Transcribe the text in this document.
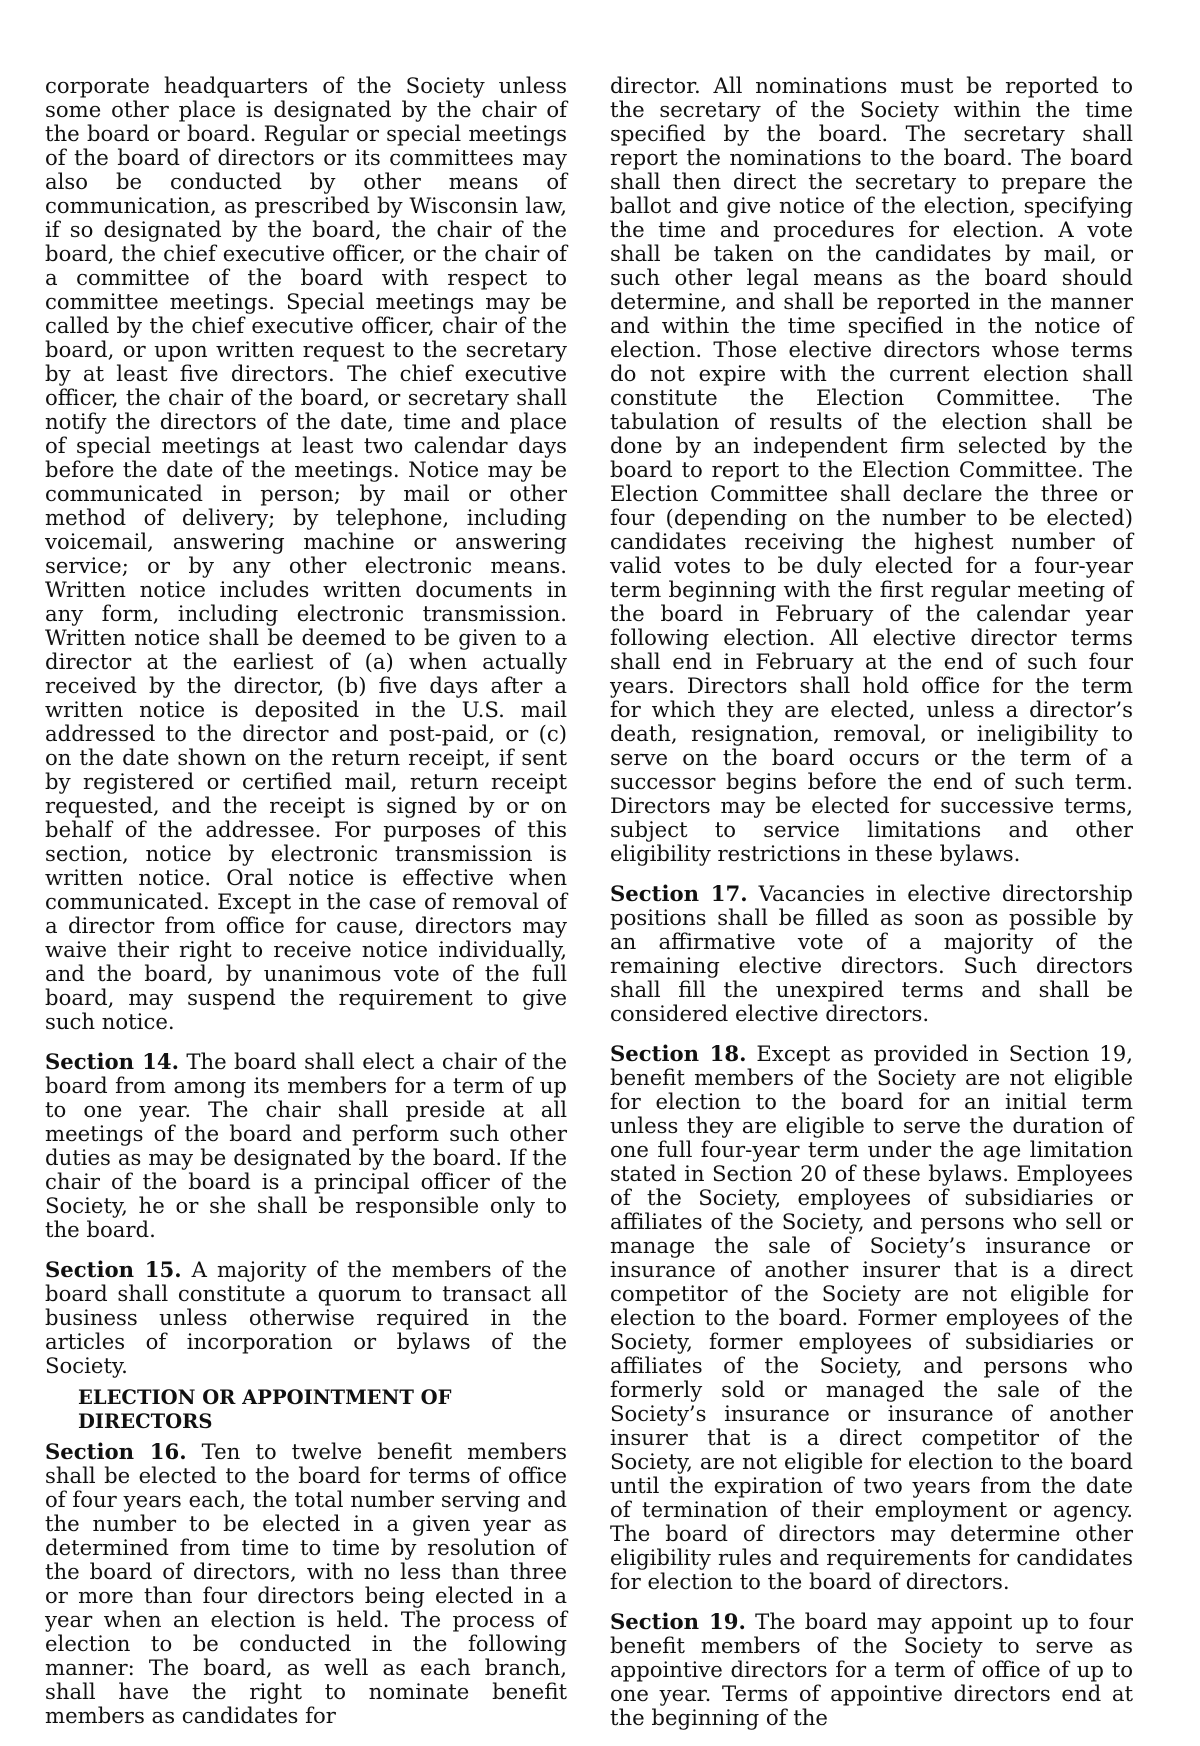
corporate headquarters of the Society unless some other place is designated by the chair of the board or board. Regular or special meetings of the board of directors or its committees may also be conducted by other means of communication, as prescribed by Wisconsin law, if so designated by the board, the chair of the board, the chief executive officer, or the chair of a committee of the board with respect to committee meetings. Special meetings may be called by the chief executive officer, chair of the board, or upon written request to the secretary by at least five directors. The chief executive officer, the chair of the board, or secretary shall notify the directors of the date, time and place of special meetings at least two calendar days before the date of the meetings. Notice may be communicated in person; by mail or other method of delivery; by telephone, including voicemail, answering machine or answering service; or by any other electronic means. Written notice includes written documents in any form, including electronic transmission. Written notice shall be deemed to be given to a director at the earliest of (a) when actually received by the director, (b) five days after a written notice is deposited in the U.S. mail addressed to the director and post-paid, or (c) on the date shown on the return receipt, if sent by registered or certified mail, return receipt requested, and the receipt is signed by or on behalf of the addressee. For purposes of this section, notice by electronic transmission is written notice. Oral notice is effective when communicated. Except in the case of removal of a director from office for cause, directors may waive their right to receive notice individually, and the board, by unanimous vote of the full board, may suspend the requirement to give such notice.

Section 14. The board shall elect a chair of the board from among its members for a term of up to one year. The chair shall preside at all meetings of the board and perform such other duties as may be designated by the board. If the chair of the board is a principal officer of the Society, he or she shall be responsible only to the board.

Section 15. A majority of the members of the board shall constitute a quorum to transact all business unless otherwise required in the articles of incorporation or bylaws of the Society.

ELECTION OR APPOINTMENT OF DIRECTORS

Section 16. Ten to twelve benefit members shall be elected to the board for terms of office of four years each, the total number serving and the number to be elected in a given year as determined from time to time by resolution of the board of directors, with no less than three or more than four directors being elected in a year when an election is held. The process of election to be conducted in the following manner: The board, as well as each branch, shall have the right to nominate benefit members as candidates for

director. All nominations must be reported to the secretary of the Society within the time specified by the board. The secretary shall report the nominations to the board. The board shall then direct the secretary to prepare the ballot and give notice of the election, specifying the time and procedures for election. A vote shall be taken on the candidates by mail, or such other legal means as the board should determine, and shall be reported in the manner and within the time specified in the notice of election. Those elective directors whose terms do not expire with the current election shall constitute the Election Committee. The tabulation of results of the election shall be done by an independent firm selected by the board to report to the Election Committee. The Election Committee shall declare the three or four (depending on the number to be elected) candidates receiving the highest number of valid votes to be duly elected for a four-year term beginning with the first regular meeting of the board in February of the calendar year following election. All elective director terms shall end in February at the end of such four years. Directors shall hold office for the term for which they are elected, unless a director’s death, resignation, removal, or ineligibility to serve on the board occurs or the term of a successor begins before the end of such term. Directors may be elected for successive terms, subject to service limitations and other eligibility restrictions in these bylaws.

Section 17. Vacancies in elective directorship positions shall be filled as soon as possible by an affirmative vote of a majority of the remaining elective directors. Such directors shall fill the unexpired terms and shall be considered elective directors.

Section 18. Except as provided in Section 19, benefit members of the Society are not eligible for election to the board for an initial term unless they are eligible to serve the duration of one full four-year term under the age limitation stated in Section 20 of these bylaws. Employees of the Society, employees of subsidiaries or affiliates of the Society, and persons who sell or manage the sale of Society’s insurance or insurance of another insurer that is a direct competitor of the Society are not eligible for election to the board. Former employees of the Society, former employees of subsidiaries or affiliates of the Society, and persons who formerly sold or managed the sale of the Society’s insurance or insurance of another insurer that is a direct competitor of the Society, are not eligible for election to the board until the expiration of two years from the date of termination of their employment or agency. The board of directors may determine other eligibility rules and requirements for candidates for election to the board of directors.

Section 19. The board may appoint up to four benefit members of the Society to serve as appointive directors for a term of office of up to one year. Terms of appointive directors end at the beginning of the
